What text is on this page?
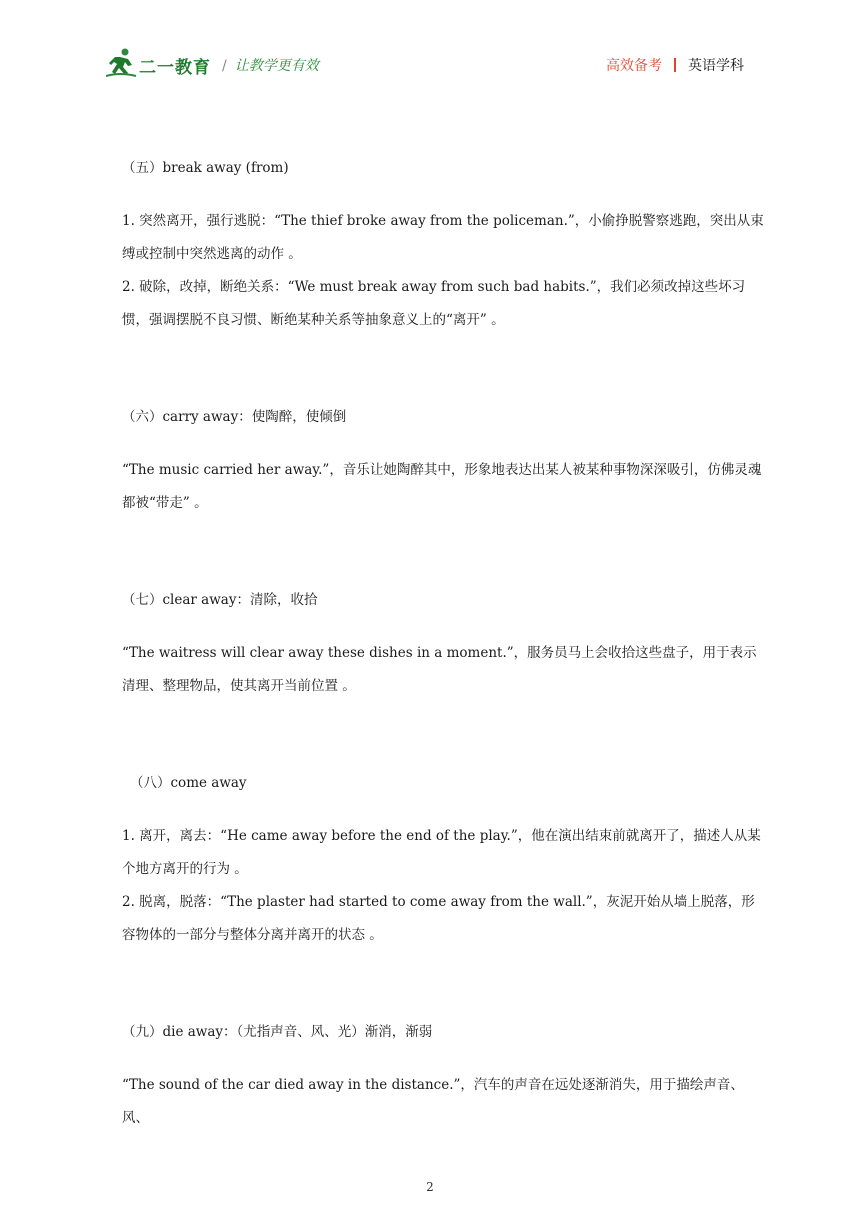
二一教育 / 让教学更有效	高效备考 英语学科

（五）break away (from)

1. 突然离开，强行逃脱：“The thief broke away from the policeman.”，小偷挣脱警察逃跑，突出从束缚或控制中突然逃离的动作 。

2. 破除，改掉，断绝关系：“We must break away from such bad habits.”，我们必须改掉这些坏习惯，强调摆脱不良习惯、断绝某种关系等抽象意义上的“离开” 。

（六）carry away：使陶醉，使倾倒

“The music carried her away.”，音乐让她陶醉其中，形象地表达出某人被某种事物深深吸引，仿佛灵魂都被“带走” 。

（七）clear away：清除，收拾

“The waitress will clear away these dishes in a moment.”，服务员马上会收拾这些盘子，用于表示清理、整理物品，使其离开当前位置 。

（八）come away

1. 离开，离去：“He came away before the end of the play.”，他在演出结束前就离开了，描述人从某个地方离开的行为 。

2. 脱离，脱落：“The plaster had started to come away from the wall.”，灰泥开始从墙上脱落，形容物体的一部分与整体分离并离开的状态 。

（九）die away：（尤指声音、风、光）渐消，渐弱

“The sound of the car died away in the distance.”，汽车的声音在远处逐渐消失，用于描绘声音、风、

2
